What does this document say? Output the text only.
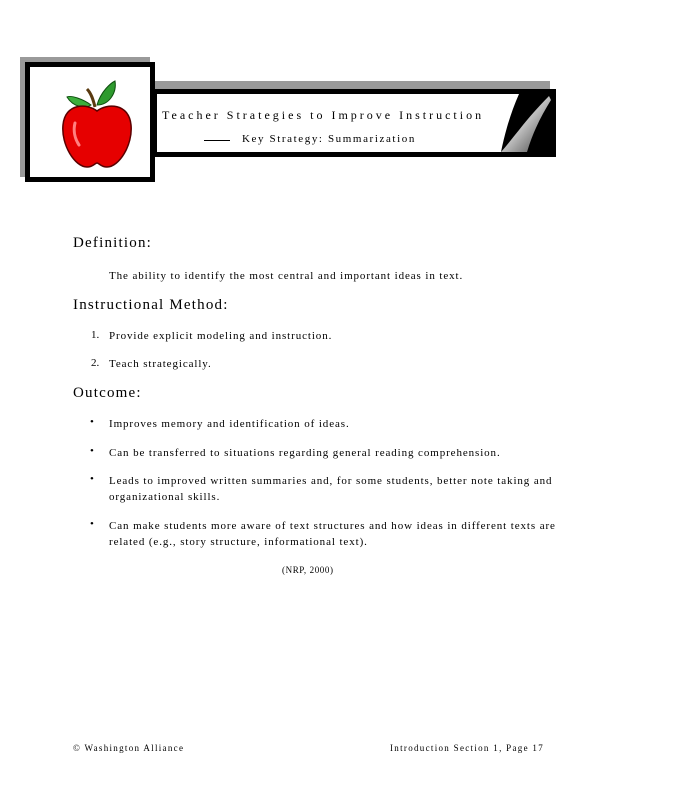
Teacher Strategies to Improve Instruction
Key Strategy: Summarization
Definition:
The ability to identify the most central and important ideas in text.
Instructional Method:
1. Provide explicit modeling and instruction.
2. Teach strategically.
Outcome:
• Improves memory and identification of ideas.
• Can be transferred to situations regarding general reading comprehension.
• Leads to improved written summaries and, for some students, better note taking and
organizational skills.
• Can make students more aware of text structures and how ideas in different texts are
related (e.g., story structure, informational text).
(NRP, 2000)
© Washington Alliance	Introduction Section 1, Page 17
